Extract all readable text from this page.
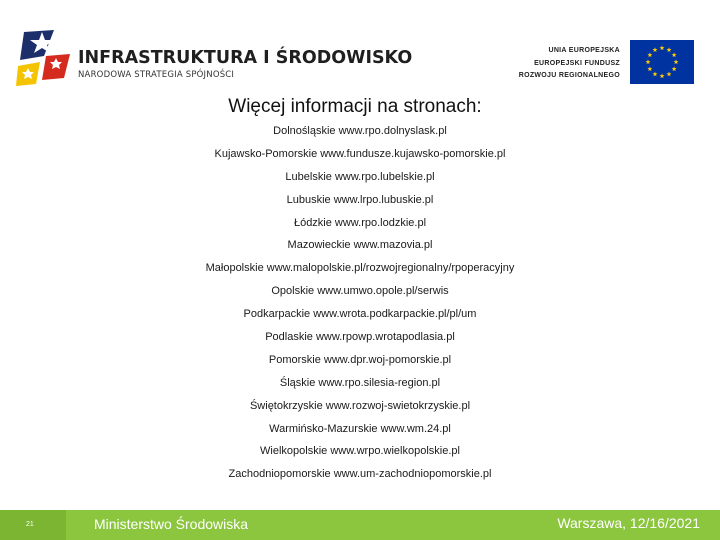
INFRASTRUKTURA I ŚRODOWISKO
NARODOWA STRATEGIA SPÓJNOŚCI
UNIA EUROPEJSKA
EUROPEJSKI FUNDUSZ
ROZWOJU REGIONALNEGO
Więcej informacji na stronach:
Dolnośląskie www.rpo.dolnyslask.pl
Kujawsko-Pomorskie www.fundusze.kujawsko-pomorskie.pl
Lubelskie www.rpo.lubelskie.pl
Lubuskie www.lrpo.lubuskie.pl
Łódzkie www.rpo.lodzkie.pl
Mazowieckie www.mazovia.pl
Małopolskie www.malopolskie.pl/rozwojregionalny/rpoperacyjny
Opolskie www.umwo.opole.pl/serwis
Podkarpackie www.wrota.podkarpackie.pl/pl/um
Podlaskie www.rpowp.wrotapodlasia.pl
Pomorskie www.dpr.woj-pomorskie.pl
Śląskie www.rpo.silesia-region.pl
Świętokrzyskie www.rozwoj-swietokrzyskie.pl
Warmińsko-Mazurskie www.wm.24.pl
Wielkopolskie www.wrpo.wielkopolskie.pl
Zachodniopomorskie www.um-zachodniopomorskie.pl
21	Ministerstwo Środowiska	Warszawa, 12/16/2021
